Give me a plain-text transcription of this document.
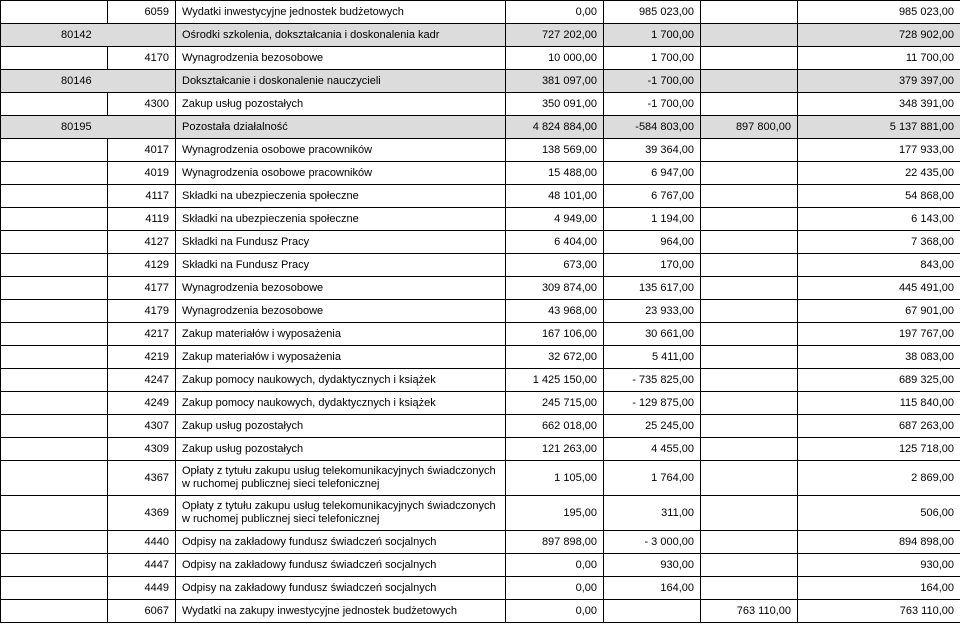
	6059	Wydatki inwestycyjne jednostek budżetowych	0,00	985 023,00		985 023,00
80142		Ośrodki szkolenia, dokształcania i doskonalenia kadr	727 202,00	1 700,00		728 902,00
	4170	Wynagrodzenia bezosobowe	10 000,00	1 700,00		11 700,00
80146		Dokształcanie i doskonalenie nauczycieli	381 097,00	-1 700,00		379 397,00
	4300	Zakup usług pozostałych	350 091,00	-1 700,00		348 391,00
80195		Pozostała działalność	4 824 884,00	-584 803,00	897 800,00	5 137 881,00
	4017	Wynagrodzenia osobowe pracowników	138 569,00	39 364,00		177 933,00
	4019	Wynagrodzenia osobowe pracowników	15 488,00	6 947,00		22 435,00
	4117	Składki na ubezpieczenia społeczne	48 101,00	6 767,00		54 868,00
	4119	Składki na ubezpieczenia społeczne	4 949,00	1 194,00		6 143,00
	4127	Składki na Fundusz Pracy	6 404,00	964,00		7 368,00
	4129	Składki na Fundusz Pracy	673,00	170,00		843,00
	4177	Wynagrodzenia bezosobowe	309 874,00	135 617,00		445 491,00
	4179	Wynagrodzenia bezosobowe	43 968,00	23 933,00		67 901,00
	4217	Zakup materiałów i wyposażenia	167 106,00	30 661,00		197 767,00
	4219	Zakup materiałów i wyposażenia	32 672,00	5 411,00		38 083,00
	4247	Zakup pomocy naukowych, dydaktycznych i książek	1 425 150,00	- 735 825,00		689 325,00
	4249	Zakup pomocy naukowych, dydaktycznych i książek	245 715,00	- 129 875,00		115 840,00
	4307	Zakup usług pozostałych	662 018,00	25 245,00		687 263,00
	4309	Zakup usług pozostałych	121 263,00	4 455,00		125 718,00
	4367	Opłaty z tytułu zakupu usług telekomunikacyjnych świadczonych w ruchomej publicznej sieci telefonicznej	1 105,00	1 764,00		2 869,00
	4369	Opłaty z tytułu zakupu usług telekomunikacyjnych świadczonych w ruchomej publicznej sieci telefonicznej	195,00	311,00		506,00
	4440	Odpisy na zakładowy fundusz świadczeń socjalnych	897 898,00	- 3 000,00		894 898,00
	4447	Odpisy na zakładowy fundusz świadczeń socjalnych	0,00	930,00		930,00
	4449	Odpisy na zakładowy fundusz świadczeń socjalnych	0,00	164,00		164,00
	6067	Wydatki na zakupy inwestycyjne jednostek budżetowych	0,00		763 110,00	763 110,00
